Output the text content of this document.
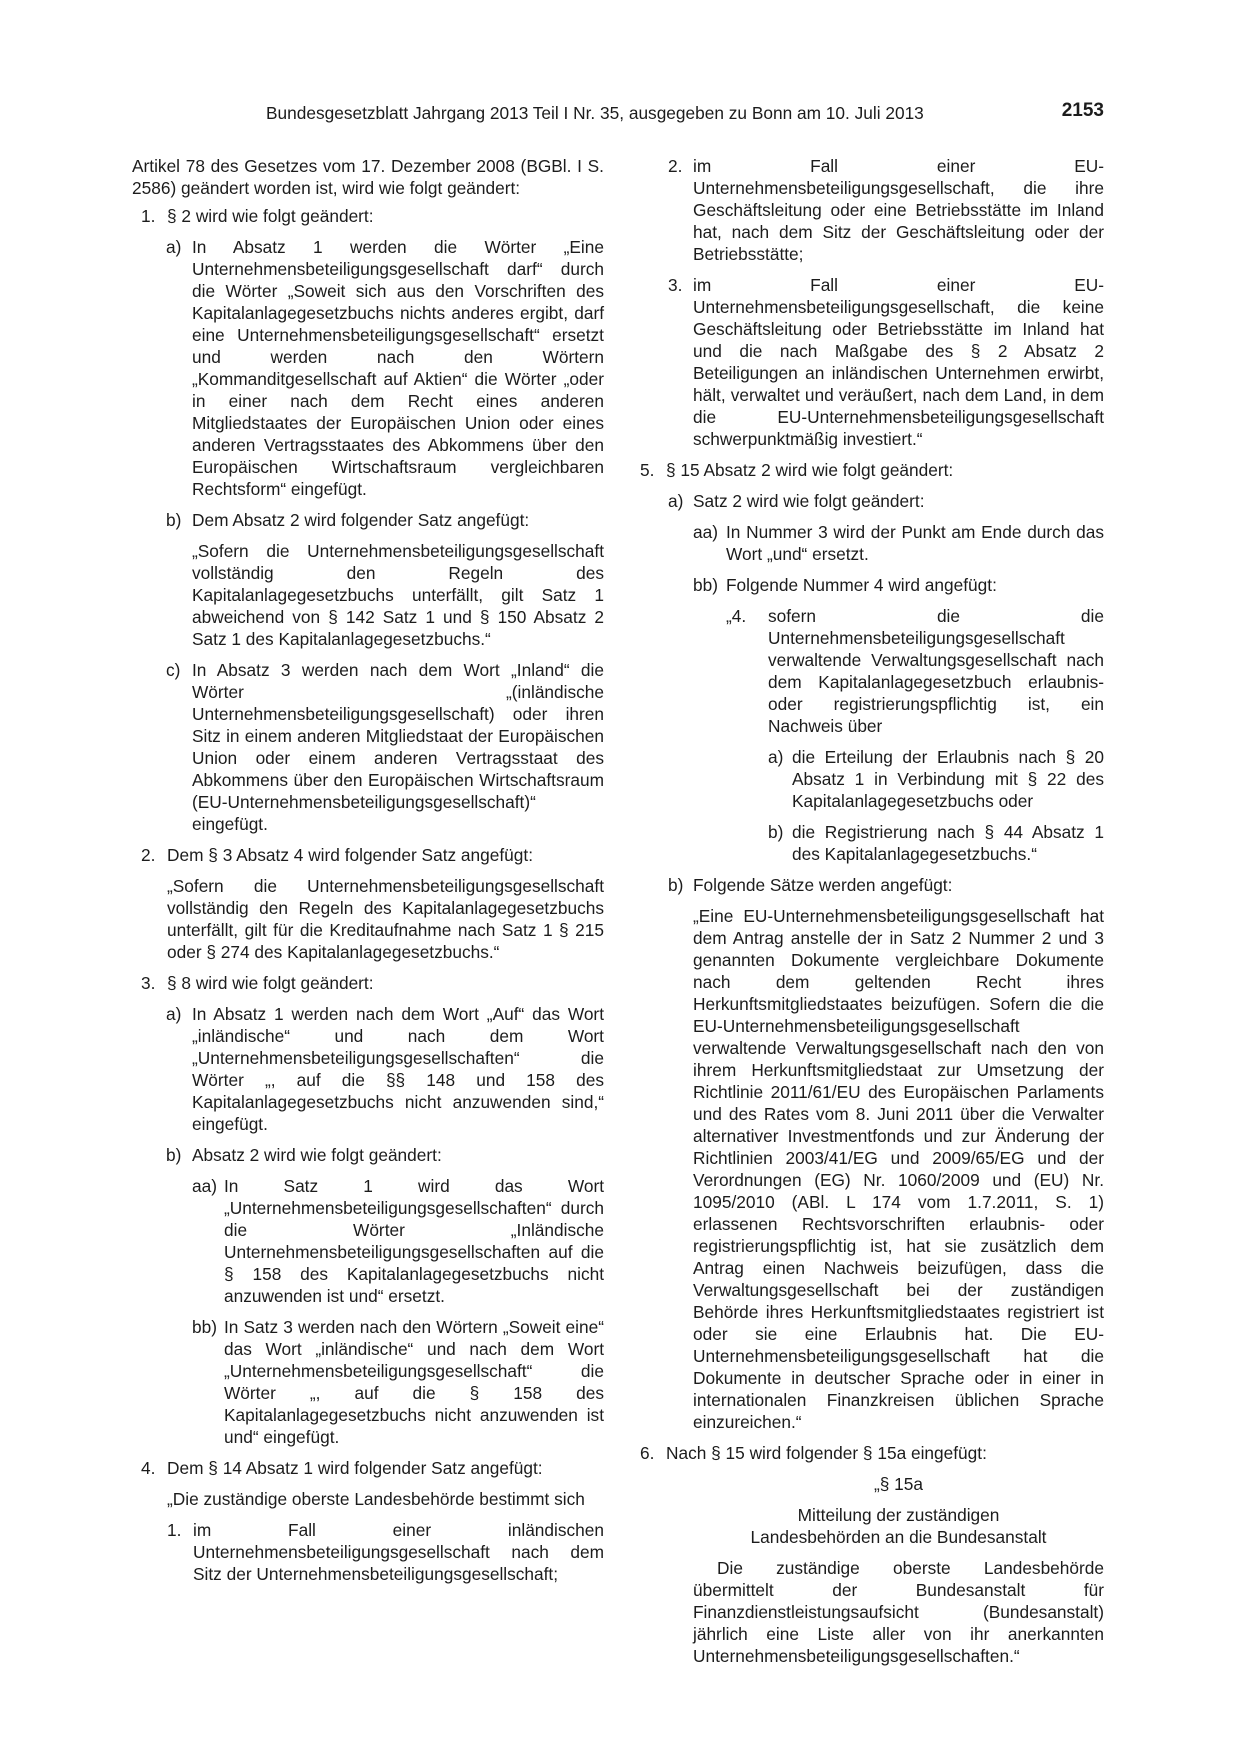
Bundesgesetzblatt Jahrgang 2013 Teil I Nr. 35, ausgegeben zu Bonn am 10. Juli 2013	2153
Artikel 78 des Gesetzes vom 17. Dezember 2008 (BGBl. I S. 2586) geändert worden ist, wird wie folgt geändert:
1. § 2 wird wie folgt geändert:
a) In Absatz 1 werden die Wörter „Eine Unternehmensbeteiligungsgesellschaft darf“ durch die Wörter „Soweit sich aus den Vorschriften des Kapitalanlagegesetzbuchs nichts anderes ergibt, darf eine Unternehmensbeteiligungsgesellschaft“ ersetzt und werden nach den Wörtern „Kommanditgesellschaft auf Aktien“ die Wörter „oder in einer nach dem Recht eines anderen Mitgliedstaates der Europäischen Union oder eines anderen Vertragsstaates des Abkommens über den Europäischen Wirtschaftsraum vergleichbaren Rechtsform“ eingefügt.
b) Dem Absatz 2 wird folgender Satz angefügt:
„Sofern die Unternehmensbeteiligungsgesellschaft vollständig den Regeln des Kapitalanlagegesetzbuchs unterfällt, gilt Satz 1 abweichend von § 142 Satz 1 und § 150 Absatz 2 Satz 1 des Kapitalanlagegesetzbuchs.“
c) In Absatz 3 werden nach dem Wort „Inland“ die Wörter „(inländische Unternehmensbeteiligungsgesellschaft) oder ihren Sitz in einem anderen Mitgliedstaat der Europäischen Union oder einem anderen Vertragsstaat des Abkommens über den Europäischen Wirtschaftsraum (EU-Unternehmensbeteiligungsgesellschaft)“ eingefügt.
2. Dem § 3 Absatz 4 wird folgender Satz angefügt:
„Sofern die Unternehmensbeteiligungsgesellschaft vollständig den Regeln des Kapitalanlagegesetzbuchs unterfällt, gilt für die Kreditaufnahme nach Satz 1 § 215 oder § 274 des Kapitalanlagegesetzbuchs.“
3. § 8 wird wie folgt geändert:
a) In Absatz 1 werden nach dem Wort „Auf“ das Wort „inländische“ und nach dem Wort „Unternehmensbeteiligungsgesellschaften“ die Wörter „, auf die §§ 148 und 158 des Kapitalanlagegesetzbuchs nicht anzuwenden sind,“ eingefügt.
b) Absatz 2 wird wie folgt geändert:
aa) In Satz 1 wird das Wort „Unternehmensbeteiligungsgesellschaften“ durch die Wörter „Inländische Unternehmensbeteiligungsgesellschaften auf die § 158 des Kapitalanlagegesetzbuchs nicht anzuwenden ist und“ ersetzt.
bb) In Satz 3 werden nach den Wörtern „Soweit eine“ das Wort „inländische“ und nach dem Wort „Unternehmensbeteiligungsgesellschaft“ die Wörter „, auf die § 158 des Kapitalanlagegesetzbuchs nicht anzuwenden ist und“ eingefügt.
4. Dem § 14 Absatz 1 wird folgender Satz angefügt:
„Die zuständige oberste Landesbehörde bestimmt sich
1. im Fall einer inländischen Unternehmensbeteiligungsgesellschaft nach dem Sitz der Unternehmensbeteiligungsgesellschaft;
2. im Fall einer EU-Unternehmensbeteiligungsgesellschaft, die ihre Geschäftsleitung oder eine Betriebsstätte im Inland hat, nach dem Sitz der Geschäftsleitung oder der Betriebsstätte;
3. im Fall einer EU-Unternehmensbeteiligungsgesellschaft, die keine Geschäftsleitung oder Betriebsstätte im Inland hat und die nach Maßgabe des § 2 Absatz 2 Beteiligungen an inländischen Unternehmen erwirbt, hält, verwaltet und veräußert, nach dem Land, in dem die EU-Unternehmensbeteiligungsgesellschaft schwerpunktmäßig investiert.“
5. § 15 Absatz 2 wird wie folgt geändert:
a) Satz 2 wird wie folgt geändert:
aa) In Nummer 3 wird der Punkt am Ende durch das Wort „und“ ersetzt.
bb) Folgende Nummer 4 wird angefügt:
„4.	sofern die die Unternehmensbeteiligungsgesellschaft verwaltende Verwaltungsgesellschaft nach dem Kapitalanlagegesetzbuch erlaubnis- oder registrierungspflichtig ist, ein Nachweis über
a) die Erteilung der Erlaubnis nach § 20 Absatz 1 in Verbindung mit § 22 des Kapitalanlagegesetzbuchs oder
b) die Registrierung nach § 44 Absatz 1 des Kapitalanlagegesetzbuchs.“
b) Folgende Sätze werden angefügt:
„Eine EU-Unternehmensbeteiligungsgesellschaft hat dem Antrag anstelle der in Satz 2 Nummer 2 und 3 genannten Dokumente vergleichbare Dokumente nach dem geltenden Recht ihres Herkunftsmitgliedstaates beizufügen. Sofern die die EU-Unternehmensbeteiligungsgesellschaft verwaltende Verwaltungsgesellschaft nach den von ihrem Herkunftsmitgliedstaat zur Umsetzung der Richtlinie 2011/61/EU des Europäischen Parlaments und des Rates vom 8. Juni 2011 über die Verwalter alternativer Investmentfonds und zur Änderung der Richtlinien 2003/41/EG und 2009/65/EG und der Verordnungen (EG) Nr. 1060/2009 und (EU) Nr. 1095/2010 (ABl. L 174 vom 1.7.2011, S. 1) erlassenen Rechtsvorschriften erlaubnis- oder registrierungspflichtig ist, hat sie zusätzlich dem Antrag einen Nachweis beizufügen, dass die Verwaltungsgesellschaft bei der zuständigen Behörde ihres Herkunftsmitgliedstaates registriert ist oder sie eine Erlaubnis hat. Die EU-Unternehmensbeteiligungsgesellschaft hat die Dokumente in deutscher Sprache oder in einer in internationalen Finanzkreisen üblichen Sprache einzureichen.“
6. Nach § 15 wird folgender § 15a eingefügt:
„§ 15a
Mitteilung der zuständigen
Landesbehörden an die Bundesanstalt
Die zuständige oberste Landesbehörde übermittelt der Bundesanstalt für Finanzdienstleistungsaufsicht (Bundesanstalt) jährlich eine Liste aller von ihr anerkannten Unternehmensbeteiligungsgesellschaften.“
